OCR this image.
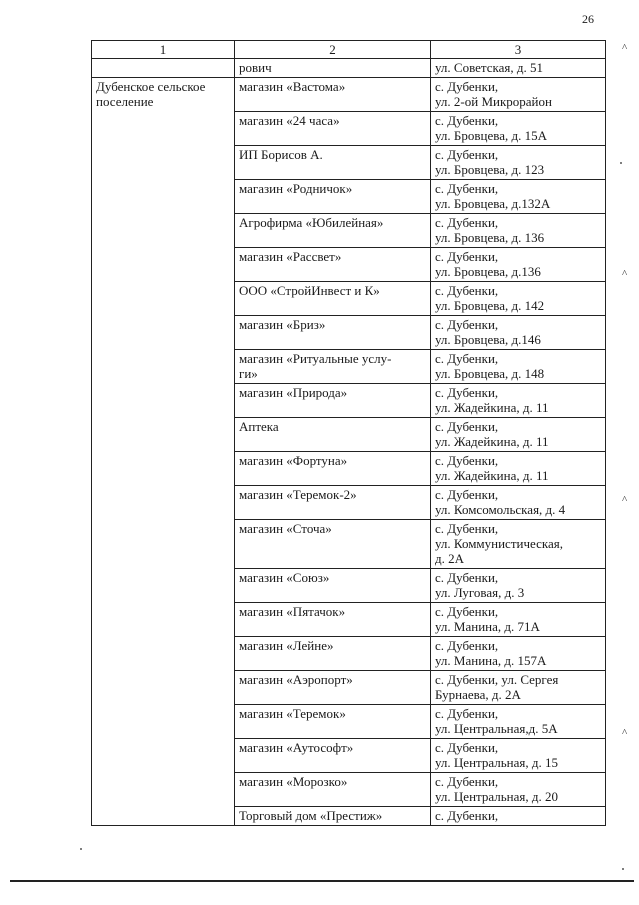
26
1	2	3
	рович	ул. Советская, д. 51
Дубенское сельское
поселение	магазин «Вастома»	с. Дубенки,
ул. 2-ой Микрорайон
	магазин «24 часа»	с. Дубенки,
ул. Бровцева, д. 15А
	ИП Борисов А.	с. Дубенки,
ул. Бровцева, д. 123
	магазин «Родничок»	с. Дубенки,
ул. Бровцева, д.132А
	Агрофирма «Юбилейная»	с. Дубенки,
ул. Бровцева, д. 136
	магазин «Рассвет»	с. Дубенки,
ул. Бровцева, д.136
	ООО «СтройИнвест и К»	с. Дубенки,
ул. Бровцева, д. 142
	магазин «Бриз»	с. Дубенки,
ул. Бровцева, д.146
	магазин «Ритуальные услу-
ги»	с. Дубенки,
ул. Бровцева, д. 148
	магазин «Природа»	с. Дубенки,
ул. Жадейкина, д. 11
	Аптека	с. Дубенки,
ул. Жадейкина, д. 11
	магазин «Фортуна»	с. Дубенки,
ул. Жадейкина, д. 11
	магазин «Теремок-2»	с. Дубенки,
ул. Комсомольская, д. 4
	магазин «Сточа»	с. Дубенки,
ул. Коммунистическая,
д. 2А
	магазин «Союз»	с. Дубенки,
ул. Луговая, д. 3
	магазин «Пятачок»	с. Дубенки,
ул. Манина, д. 71А
	магазин «Лейне»	с. Дубенки,
ул. Манина, д. 157А
	магазин «Аэропорт»	с. Дубенки, ул. Сергея
Бурнаева, д. 2А
	магазин «Теремок»	с. Дубенки,
ул. Центральная,д. 5А
	магазин «Аутософт»	с. Дубенки,
ул. Центральная, д. 15
	магазин «Морозко»	с. Дубенки,
ул. Центральная, д. 20
	Торговый дом «Престиж»	с. Дубенки,
^
^
^
^
